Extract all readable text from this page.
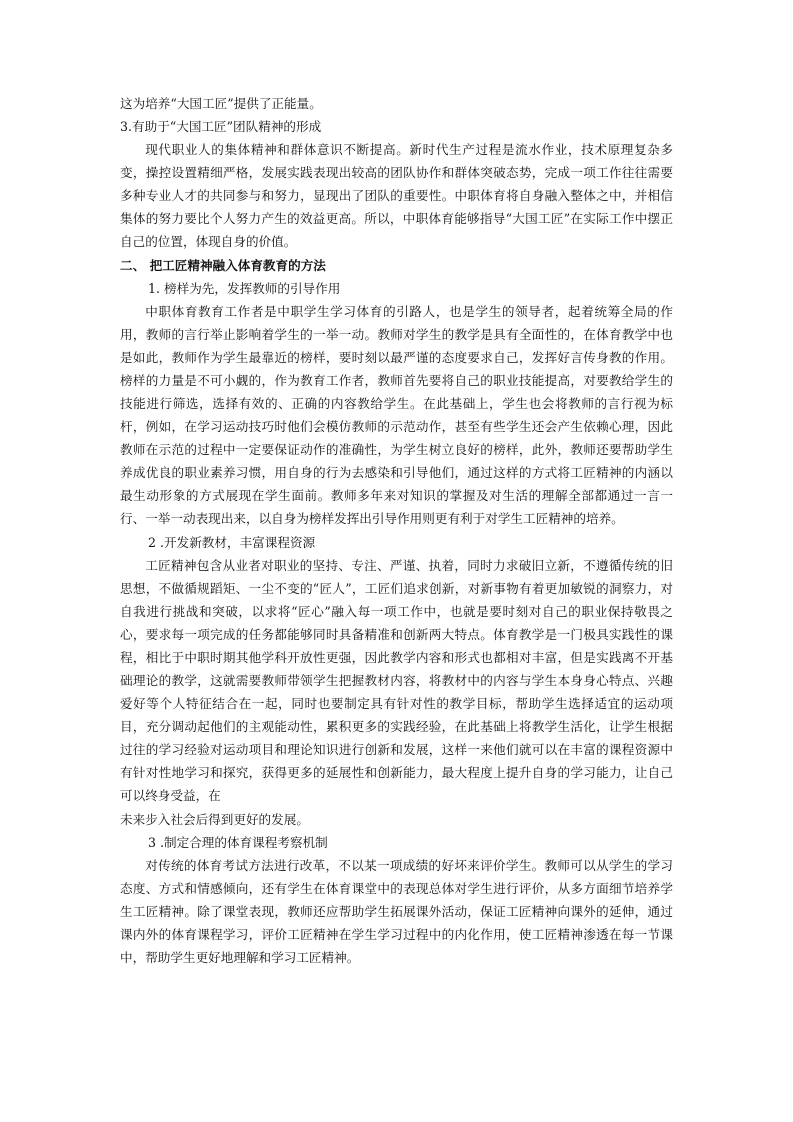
这为培养“大国工匠”提供了正能量。

3.有助于“大国工匠”团队精神的形成

现代职业人的集体精神和群体意识不断提高。新时代生产过程是流水作业，技术原理复杂多变，操控设置精细严格，发展实践表现出较高的团队协作和群体突破态势，完成一项工作往往需要多种专业人才的共同参与和努力，显现出了团队的重要性。中职体育将自身融入整体之中，并相信集体的努力要比个人努力产生的效益更高。所以，中职体育能够指导“大国工匠”在实际工作中摆正自己的位置，体现自身的价值。

二、 把工匠精神融入体育教育的方法

1. 榜样为先，发挥教师的引导作用

中职体育教育工作者是中职学生学习体育的引路人，也是学生的领导者，起着统筹全局的作用，教师的言行举止影响着学生的一举一动。教师对学生的教学是具有全面性的，在体育教学中也是如此，教师作为学生最靠近的榜样，要时刻以最严谨的态度要求自己，发挥好言传身教的作用。榜样的力量是不可小觑的，作为教育工作者，教师首先要将自己的职业技能提高，对要教给学生的技能进行筛选，选择有效的、正确的内容教给学生。在此基础上，学生也会将教师的言行视为标杆，例如，在学习运动技巧时他们会模仿教师的示范动作，甚至有些学生还会产生依赖心理，因此教师在示范的过程中一定要保证动作的准确性，为学生树立良好的榜样，此外，教师还要帮助学生养成优良的职业素养习惯，用自身的行为去感染和引导他们，通过这样的方式将工匠精神的内涵以最生动形象的方式展现在学生面前。教师多年来对知识的掌握及对生活的理解全部都通过一言一行、一举一动表现出来，以自身为榜样发挥出引导作用则更有利于对学生工匠精神的培养。

2 .开发新教材，丰富课程资源

工匠精神包含从业者对职业的坚持、专注、严谨、执着，同时力求破旧立新，不遵循传统的旧思想，不做循规蹈矩、一尘不变的“匠人”，工匠们追求创新，对新事物有着更加敏锐的洞察力，对自我进行挑战和突破，以求将“匠心”融入每一项工作中，也就是要时刻对自己的职业保持敬畏之心，要求每一项完成的任务都能够同时具备精准和创新两大特点。体育教学是一门极具实践性的课程，相比于中职时期其他学科开放性更强，因此教学内容和形式也都相对丰富，但是实践离不开基础理论的教学，这就需要教师带领学生把握教材内容，将教材中的内容与学生本身身心特点、兴趣爱好等个人特征结合在一起，同时也要制定具有针对性的教学目标，帮助学生选择适宜的运动项目，充分调动起他们的主观能动性，累积更多的实践经验，在此基础上将教学生活化，让学生根据过往的学习经验对运动项目和理论知识进行创新和发展，这样一来他们就可以在丰富的课程资源中有针对性地学习和探究，获得更多的延展性和创新能力，最大程度上提升自身的学习能力，让自己可以终身受益，在

未来步入社会后得到更好的发展。

3 .制定合理的体育课程考察机制

对传统的体育考试方法进行改革，不以某一项成绩的好坏来评价学生。教师可以从学生的学习态度、方式和情感倾向，还有学生在体育课堂中的表现总体对学生进行评价，从多方面细节培养学生工匠精神。除了课堂表现，教师还应帮助学生拓展课外活动，保证工匠精神向课外的延伸，通过课内外的体育课程学习，评价工匠精神在学生学习过程中的内化作用，使工匠精神渗透在每一节课中，帮助学生更好地理解和学习工匠精神。
